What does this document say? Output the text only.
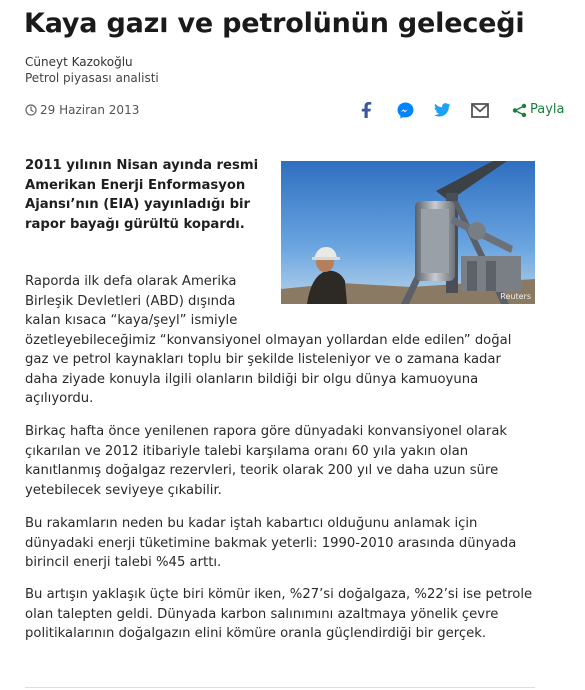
Kaya gazı ve petrolünün geleceği
Cüneyt Kazokoğlu
Petrol piyasası analisti
29 Haziran 2013	Payla
Reuters

2011 yılının Nisan ayında resmi Amerikan Enerji Enformasyon Ajansı’nın (EIA) yayınladığı bir rapor bayağı gürültü kopardı.

Raporda ilk defa olarak Amerika Birleşik Devletleri (ABD) dışında kalan kısaca “kaya/şeyl” ismiyle
özetleyebileceğimiz “konvansiyonel olmayan yollardan elde edilen” doğal gaz ve petrol kaynakları toplu bir şekilde listeleniyor ve o zamana kadar daha ziyade konuyla ilgili olanların bildiği bir olgu dünya kamuoyuna açılıyordu.

Birkaç hafta önce yenilenen rapora göre dünyadaki konvansiyonel olarak çıkarılan ve 2012 itibariyle talebi karşılama oranı 60 yıla yakın olan kanıtlanmış doğalgaz rezervleri, teorik olarak 200 yıl ve daha uzun süre yetebilecek seviyeye çıkabilir.

Bu rakamların neden bu kadar iştah kabartıcı olduğunu anlamak için dünyadaki enerji tüketimine bakmak yeterli: 1990-2010 arasında dünyada birincil enerji talebi %45 arttı.

Bu artışın yaklaşık üçte biri kömür iken, %27’si doğalgaza, %22’si ise petrole olan talepten geldi. Dünyada karbon salınımını azaltmaya yönelik çevre politikalarının doğalgazın elini kömüre oranla güçlendirdiği bir gerçek.
